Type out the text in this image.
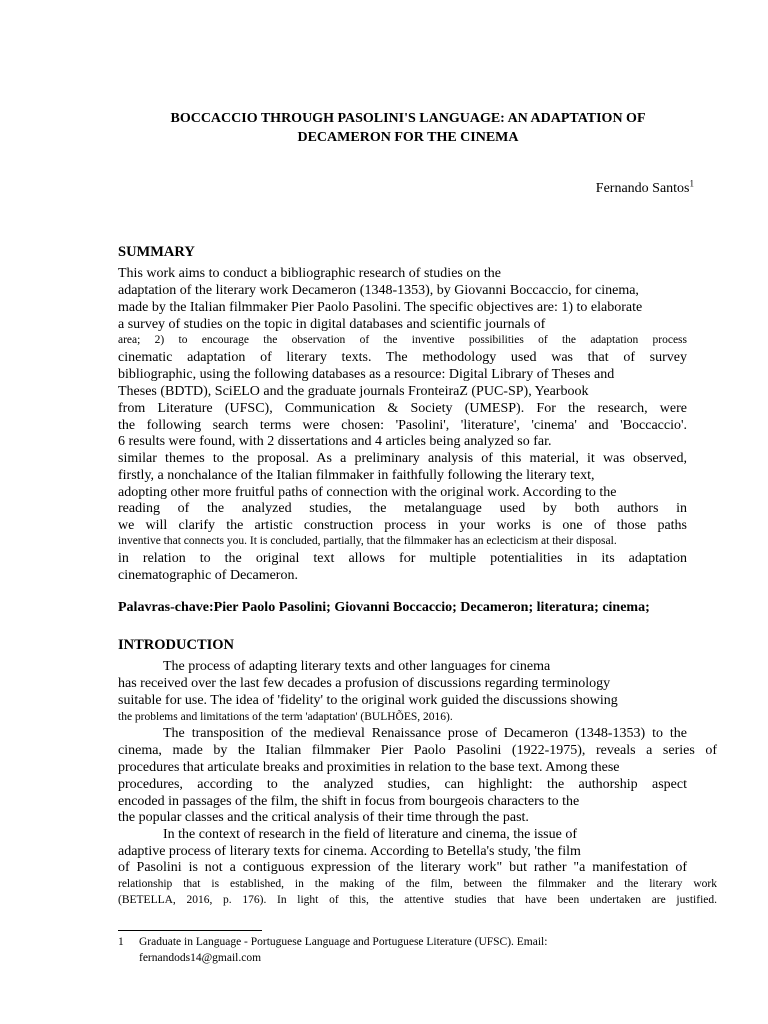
BOCCACCIO THROUGH PASOLINI'S LANGUAGE: AN ADAPTATION OF
DECAMERON FOR THE CINEMA
Fernando Santos$^1$
SUMMARY
This work aims to conduct a bibliographic research of studies on the
adaptation of the literary work Decameron (1348-1353), by Giovanni Boccaccio, for cinema,
made by the Italian filmmaker Pier Paolo Pasolini. The specific objectives are: 1) to elaborate
a survey of studies on the topic in digital databases and scientific journals of
area; 2) to encourage the observation of the inventive possibilities of the adaptation process
cinematic adaptation of literary texts. The methodology used was that of survey
bibliographic, using the following databases as a resource: Digital Library of Theses and
Theses (BDTD), SciELO and the graduate journals FronteiraZ (PUC-SP), Yearbook
from Literature (UFSC), Communication & Society (UMESP). For the research, were
the following search terms were chosen: 'Pasolini', 'literature', 'cinema' and 'Boccaccio'.
6 results were found, with 2 dissertations and 4 articles being analyzed so far.
similar themes to the proposal. As a preliminary analysis of this material, it was observed,
firstly, a nonchalance of the Italian filmmaker in faithfully following the literary text,
adopting other more fruitful paths of connection with the original work. According to the
reading of the analyzed studies, the metalanguage used by both authors in
we will clarify the artistic construction process in your works is one of those paths
inventive that connects you. It is concluded, partially, that the filmmaker has an eclecticism at their disposal.
in relation to the original text allows for multiple potentialities in its adaptation
cinematographic of Decameron.
Palavras-chave:Pier Paolo Pasolini; Giovanni Boccaccio; Decameron; literatura; cinema;
INTRODUCTION
The process of adapting literary texts and other languages for cinema
has received over the last few decades a profusion of discussions regarding terminology
suitable for use. The idea of 'fidelity' to the original work guided the discussions showing
the problems and limitations of the term 'adaptation' (BULHÕES, 2016).
The transposition of the medieval Renaissance prose of Decameron (1348-1353) to the
cinema, made by the Italian filmmaker Pier Paolo Pasolini (1922-1975), reveals a series of
procedures that articulate breaks and proximities in relation to the base text. Among these
procedures, according to the analyzed studies, can highlight: the authorship aspect
encoded in passages of the film, the shift in focus from bourgeois characters to the
the popular classes and the critical analysis of their time through the past.
In the context of research in the field of literature and cinema, the issue of
adaptive process of literary texts for cinema. According to Betella's study, 'the film
of Pasolini is not a contiguous expression of the literary work" but rather "a manifestation of
relationship that is established, in the making of the film, between the filmmaker and the literary work
(BETELLA, 2016, p. 176). In light of this, the attentive studies that have been undertaken are justified.
1 Graduate in Language - Portuguese Language and Portuguese Literature (UFSC). Email:
fernandods14@gmail.com
